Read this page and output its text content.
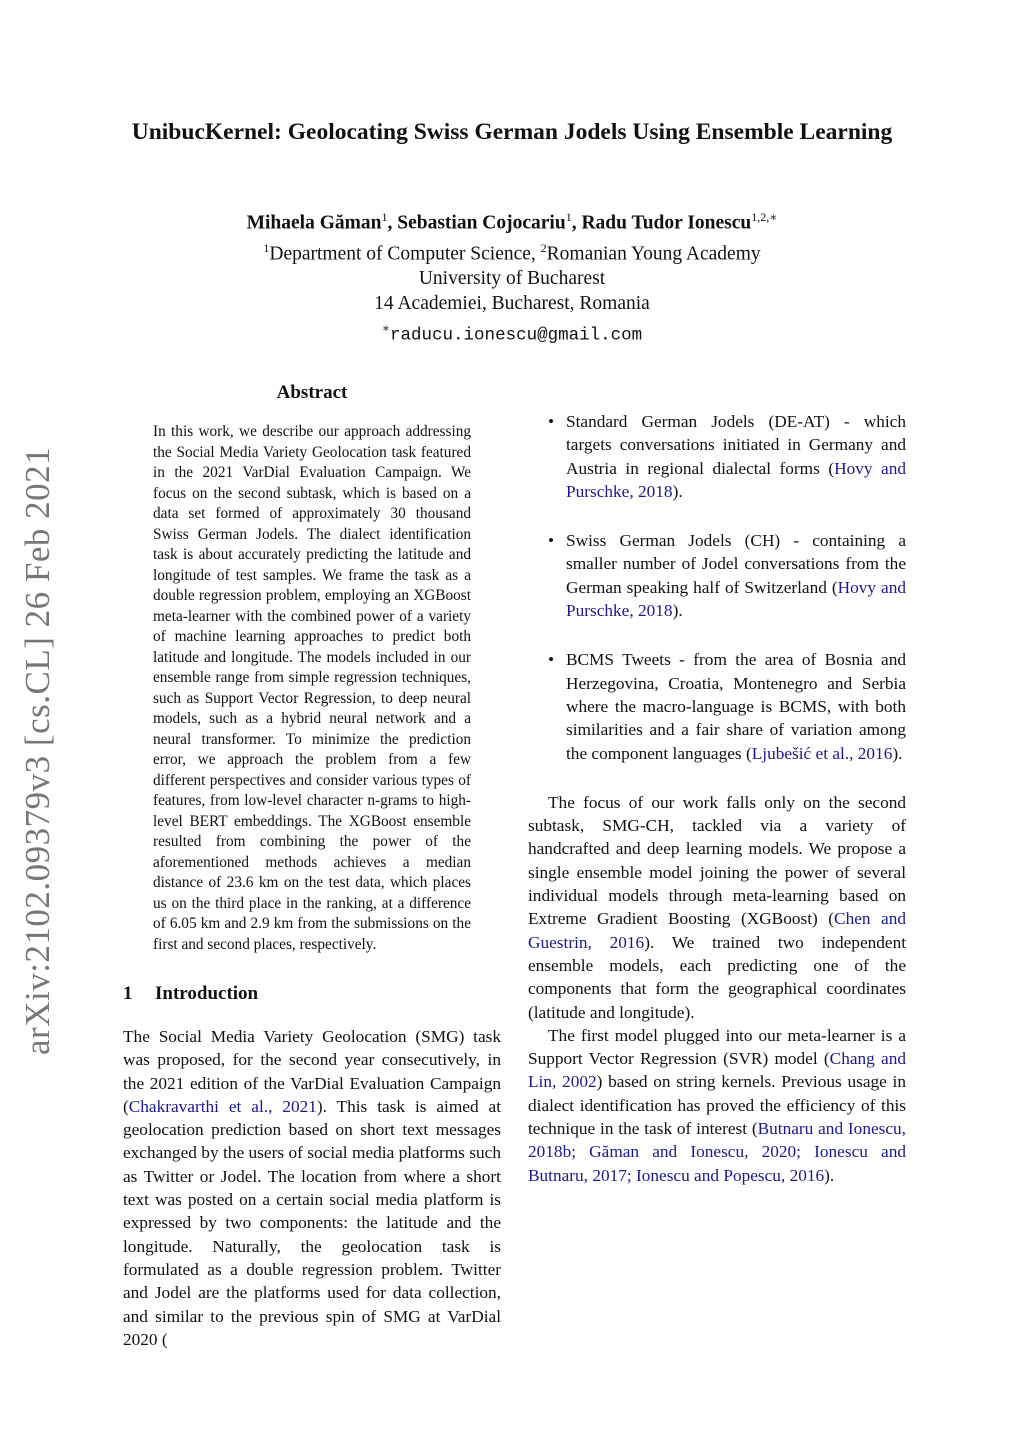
arXiv:2102.09379v3 [cs.CL] 26 Feb 2021
UnibucKernel: Geolocating Swiss German Jodels Using Ensemble Learning
Mihaela Găman$^1$, Sebastian Cojocariu$^1$, Radu Tudor Ionescu$^{1,2,∗}$
$^1$Department of Computer Science, $^2$Romanian Young Academy
University of Bucharest
14 Academiei, Bucharest, Romania
∗raducu.ionescu@gmail.com
Abstract
In this work, we describe our approach addressing the Social Media Variety Geolocation task featured in the 2021 VarDial Evaluation Campaign. We focus on the second subtask, which is based on a data set formed of approximately 30 thousand Swiss German Jodels. The dialect identification task is about accurately predicting the latitude and longitude of test samples. We frame the task as a double regression problem, employing an XGBoost meta-learner with the combined power of a variety of machine learning approaches to predict both latitude and longitude. The models included in our ensemble range from simple regression techniques, such as Support Vector Regression, to deep neural models, such as a hybrid neural network and a neural transformer. To minimize the prediction error, we approach the problem from a few different perspectives and consider various types of features, from low-level character n-grams to high-level BERT embeddings. The XGBoost ensemble resulted from combining the power of the aforementioned methods achieves a median distance of 23.6 km on the test data, which places us on the third place in the ranking, at a difference of 6.05 km and 2.9 km from the submissions on the first and second places, respectively.
1 Introduction

The Social Media Variety Geolocation (SMG) task was proposed, for the second year consecutively, in the 2021 edition of the VarDial Evaluation Campaign (Chakravarthi et al., 2021). This task is aimed at geolocation prediction based on short text messages exchanged by the users of social media platforms such as Twitter or Jodel. The location from where a short text was posted on a certain social media platform is expressed by two components: the latitude and the longitude. Naturally, the geolocation task is formulated as a double regression problem. Twitter and Jodel are the platforms used for data collection, and similar to the previous spin of SMG at VarDial 2020 (

• Standard German Jodels (DE-AT) - which targets conversations initiated in Germany and Austria in regional dialectal forms (Hovy and Purschke, 2018).
• Swiss German Jodels (CH) - containing a smaller number of Jodel conversations from the German speaking half of Switzerland (Hovy and Purschke, 2018).
• BCMS Tweets - from the area of Bosnia and Herzegovina, Croatia, Montenegro and Serbia where the macro-language is BCMS, with both similarities and a fair share of variation among the component languages (Ljubešić et al., 2016).

The focus of our work falls only on the second subtask, SMG-CH, tackled via a variety of handcrafted and deep learning models. We propose a single ensemble model joining the power of several individual models through meta-learning based on Extreme Gradient Boosting (XGBoost) (Chen and Guestrin, 2016). We trained two independent ensemble models, each predicting one of the components that form the geographical coordinates (latitude and longitude).

The first model plugged into our meta-learner is a Support Vector Regression (SVR) model (Chang and Lin, 2002) based on string kernels. Previous usage in dialect identification has proved the efficiency of this technique in the task of interest (Butnaru and Ionescu, 2018b; Găman and Ionescu, 2020; Ionescu and Butnaru, 2017; Ionescu and Popescu, 2016).
